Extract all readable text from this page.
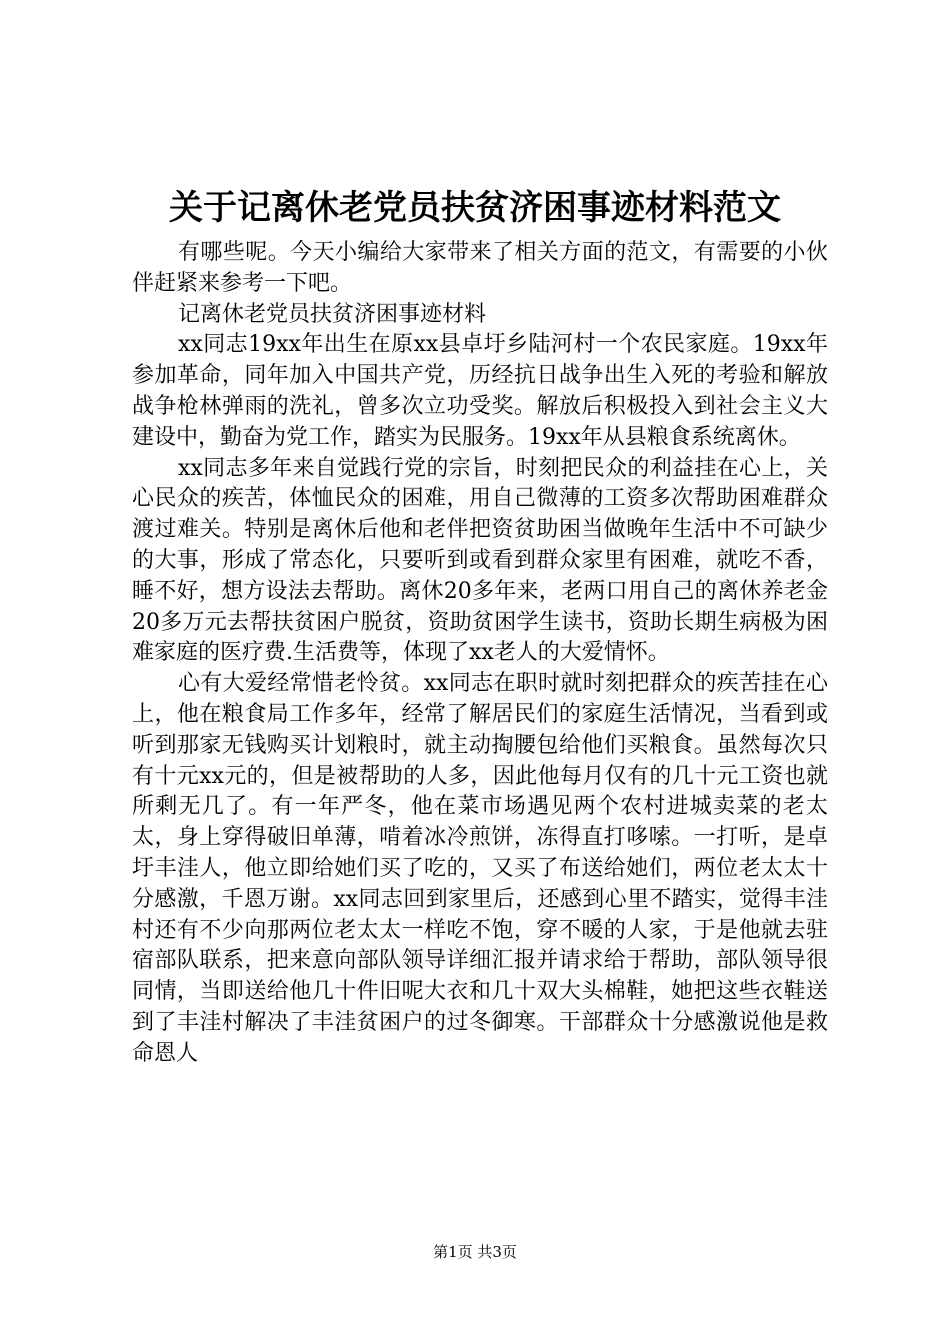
关于记离休老党员扶贫济困事迹材料范文

有哪些呢。今天小编给大家带来了相关方面的范文，有需要的小伙伴赶紧来参考一下吧。

记离休老党员扶贫济困事迹材料

xx同志19xx年出生在原xx县卓圩乡陆河村一个农民家庭。19xx年参加革命，同年加入中国共产党，历经抗日战争出生入死的考验和解放战争枪林弹雨的洗礼，曾多次立功受奖。解放后积极投入到社会主义大建设中，勤奋为党工作，踏实为民服务。19xx年从县粮食系统离休。

xx同志多年来自觉践行党的宗旨，时刻把民众的利益挂在心上，关心民众的疾苦，体恤民众的困难，用自己微薄的工资多次帮助困难群众渡过难关。特别是离休后他和老伴把资贫助困当做晚年生活中不可缺少的大事，形成了常态化，只要听到或看到群众家里有困难，就吃不香，睡不好，想方设法去帮助。离休20多年来，老两口用自己的离休养老金20多万元去帮扶贫困户脱贫，资助贫困学生读书，资助长期生病极为困难家庭的医疗费.生活费等，体现了xx老人的大爱情怀。

心有大爱经常惜老怜贫。xx同志在职时就时刻把群众的疾苦挂在心上，他在粮食局工作多年，经常了解居民们的家庭生活情况，当看到或听到那家无钱购买计划粮时，就主动掏腰包给他们买粮食。虽然每次只有十元xx元的，但是被帮助的人多，因此他每月仅有的几十元工资也就所剩无几了。有一年严冬，他在菜市场遇见两个农村进城卖菜的老太太，身上穿得破旧单薄，啃着冰冷煎饼，冻得直打哆嗦。一打听，是卓圩丰洼人，他立即给她们买了吃的，又买了布送给她们，两位老太太十分感激，千恩万谢。xx同志回到家里后，还感到心里不踏实，觉得丰洼村还有不少向那两位老太太一样吃不饱，穿不暖的人家，于是他就去驻宿部队联系，把来意向部队领导详细汇报并请求给于帮助，部队领导很同情，当即送给他几十件旧呢大衣和几十双大头棉鞋，她把这些衣鞋送到了丰洼村解决了丰洼贫困户的过冬御寒。干部群众十分感激说他是救命恩人

第1页 共3页
